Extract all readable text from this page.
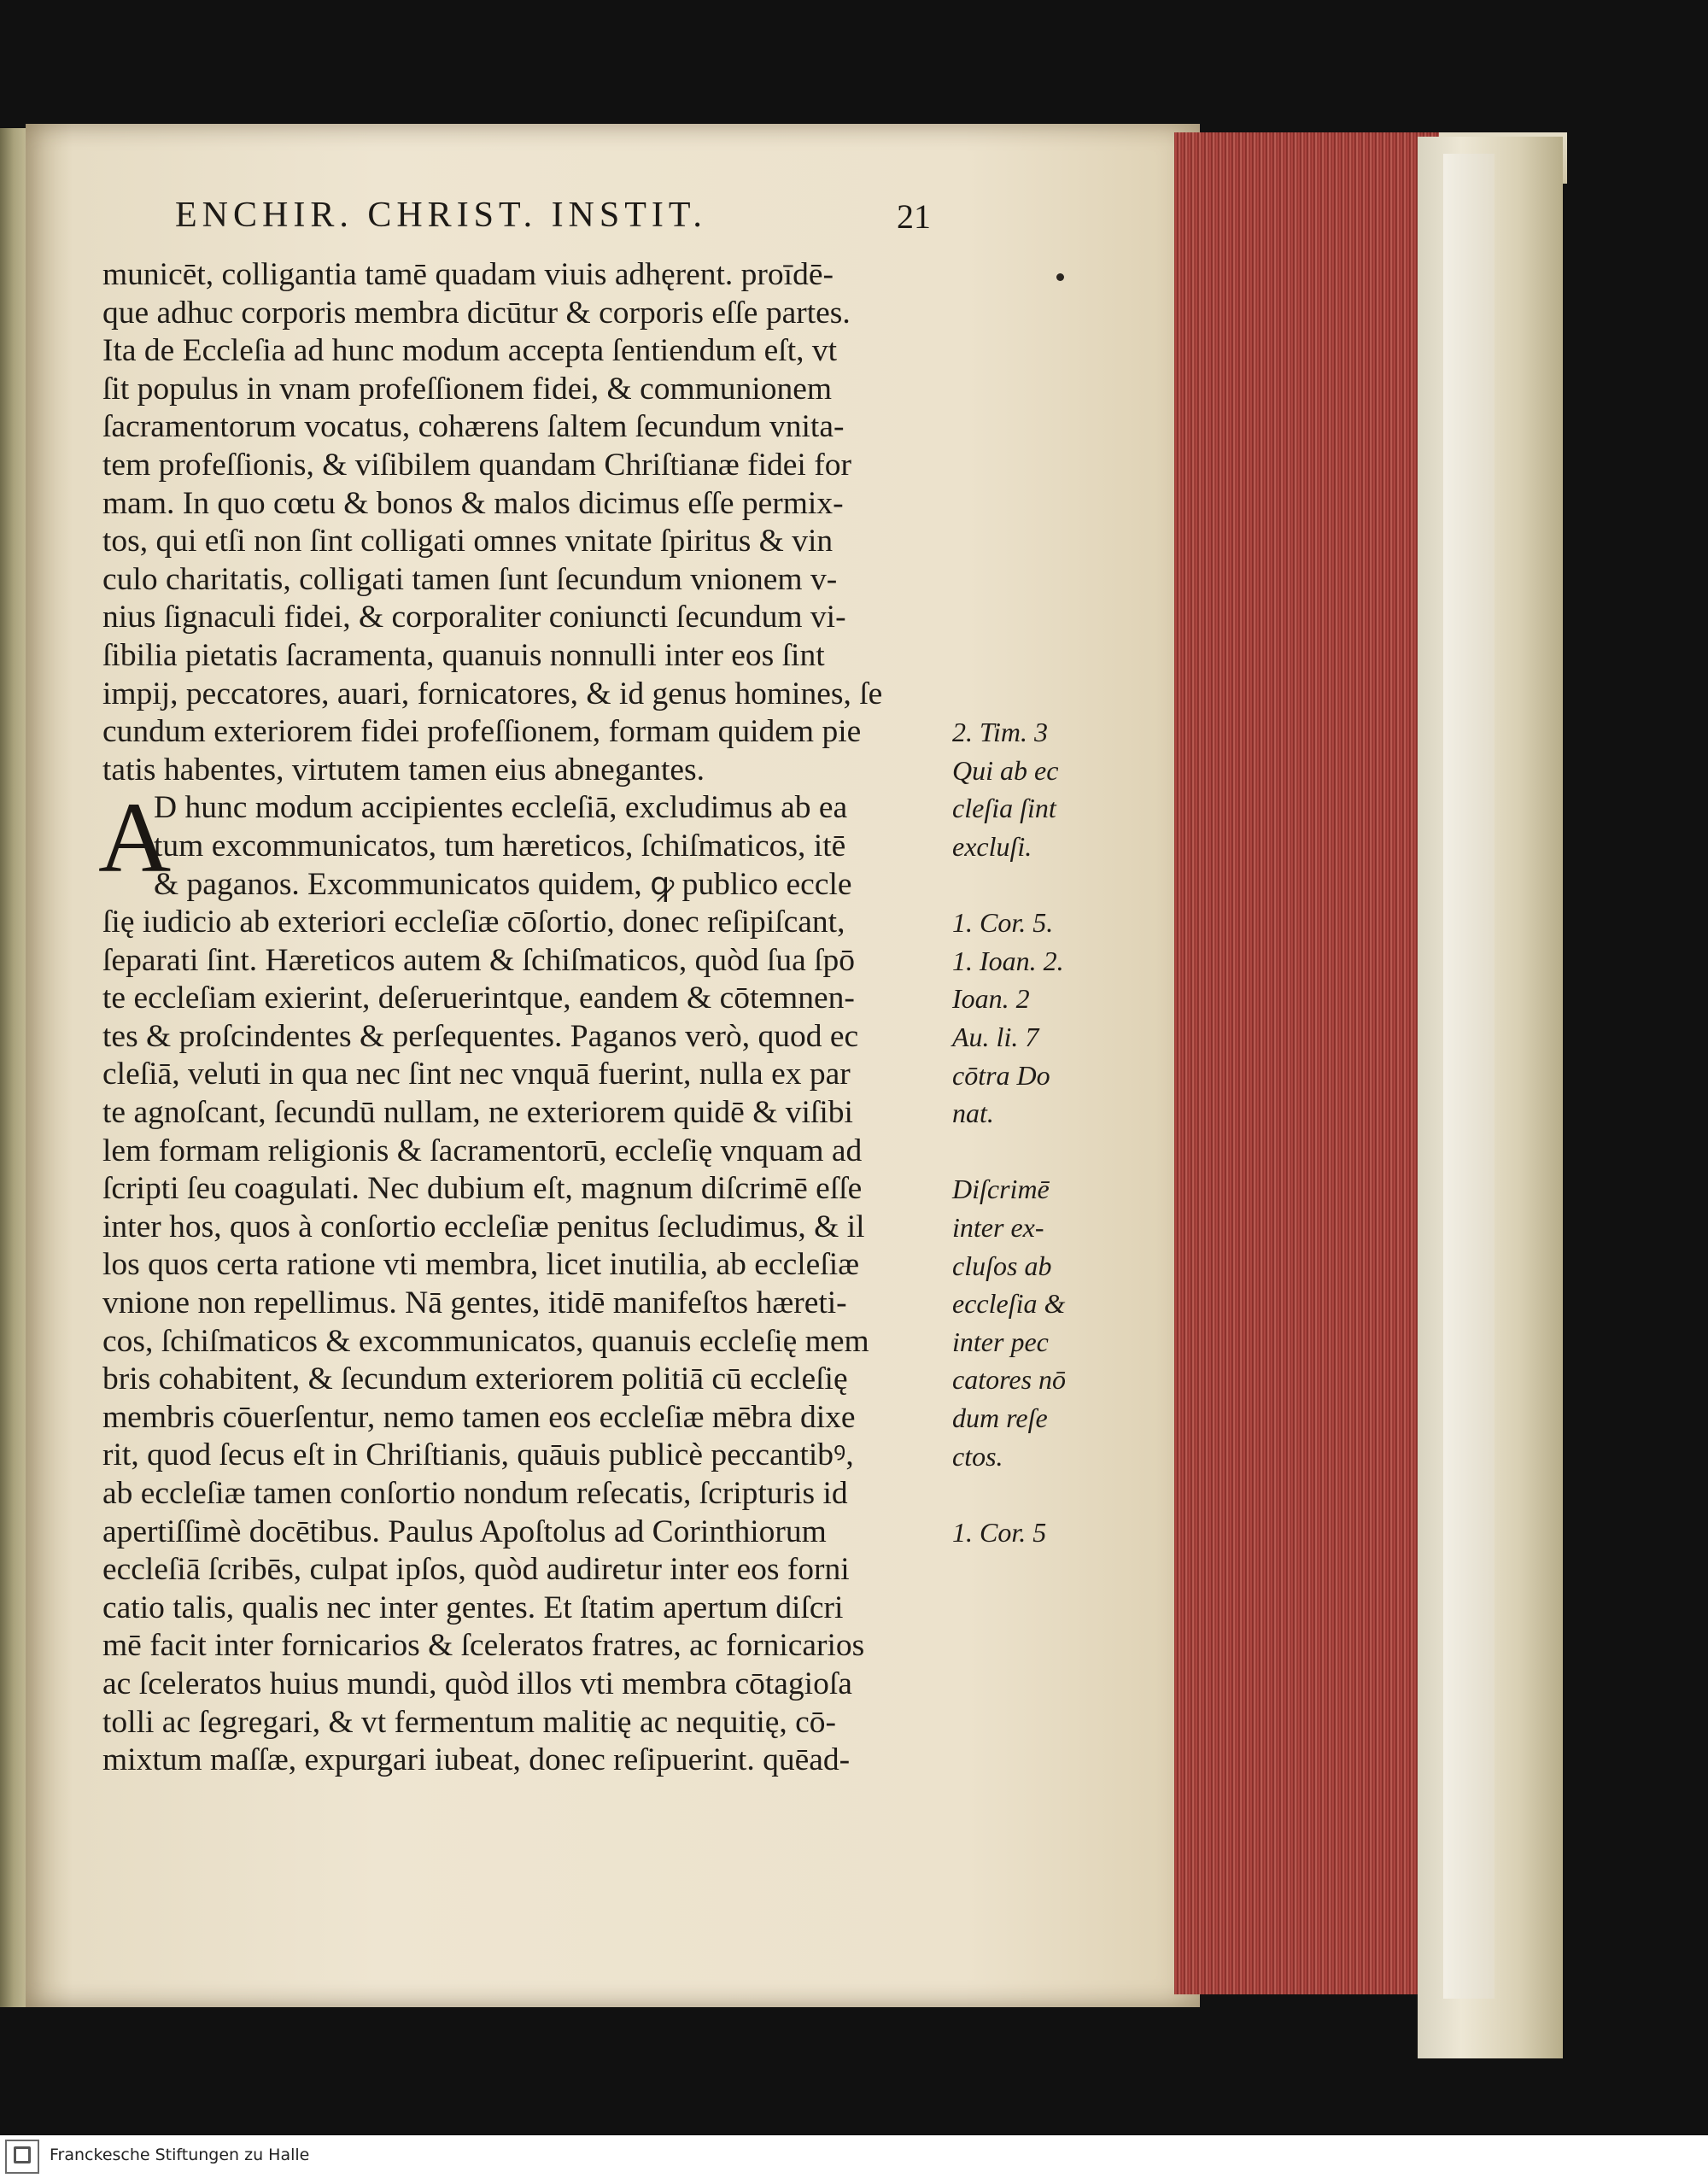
ENCHIR. CHRIST. INSTIT.	21
A
municēt, colligantia tamē quadam viuis adhęrent. proīdē-
que adhuc corporis membra dicūtur & corporis eſſe partes.
Ita de Eccleſia ad hunc modum accepta ſentiendum eſt, vt
ſit populus in vnam profeſſionem fidei, & communionem
ſacramentorum vocatus, cohærens ſaltem ſecundum vnita-
tem profeſſionis, & viſibilem quandam Chriſtianæ fidei for
mam. In quo cœtu & bonos & malos dicimus eſſe permix-
tos, qui etſi non ſint colligati omnes vnitate ſpiritus & vin
culo charitatis, colligati tamen ſunt ſecundum vnionem v-
nius ſignaculi fidei, & corporaliter coniuncti ſecundum vi-
ſibilia pietatis ſacramenta, quanuis nonnulli inter eos ſint
impij, peccatores, auari, fornicatores, & id genus homines, ſe
cundum exteriorem fidei profeſſionem, formam quidem pie
tatis habentes, virtutem tamen eius abnegantes.
D hunc modum accipientes eccleſiā, excludimus ab ea
tum excommunicatos, tum hæreticos, ſchiſmaticos, itē
& paganos. Excommunicatos quidem, ꝙ publico eccle
ſię iudicio ab exteriori eccleſiæ cōſortio, donec reſipiſcant,
ſeparati ſint. Hæreticos autem & ſchiſmaticos, quòd ſua ſpō
te eccleſiam exierint, deſeruerintque, eandem & cōtemnen-
tes & proſcindentes & perſequentes. Paganos verò, quod ec
cleſiā, veluti in qua nec ſint nec vnquā fuerint, nulla ex par
te agnoſcant, ſecundū nullam, ne exteriorem quidē & viſibi
lem formam religionis & ſacramentorū, eccleſię vnquam ad
ſcripti ſeu coagulati. Nec dubium eſt, magnum diſcrimē eſſe
inter hos, quos à conſortio eccleſiæ penitus ſecludimus, & il
los quos certa ratione vti membra, licet inutilia, ab eccleſiæ
vnione non repellimus. Nā gentes, itidē manifeſtos hæreti-
cos, ſchiſmaticos & excommunicatos, quanuis eccleſię mem
bris cohabitent, & ſecundum exteriorem politiā cū eccleſię
membris cōuerſentur, nemo tamen eos eccleſiæ mēbra dixe
rit, quod ſecus eſt in Chriſtianis, quāuis publicè peccantibꝰ,
ab eccleſiæ tamen conſortio nondum reſecatis, ſcripturis id
apertiſſimè docētibus. Paulus Apoſtolus ad Corinthiorum
eccleſiā ſcribēs, culpat ipſos, quòd audiretur inter eos forni
catio talis, qualis nec inter gentes. Et ſtatim apertum diſcri
mē facit inter fornicarios & ſceleratos fratres, ac fornicarios
ac ſceleratos huius mundi, quòd illos vti membra cōtagioſa
tolli ac ſegregari, & vt fermentum malitię ac nequitię, cō-
mixtum maſſæ, expurgari iubeat, donec reſipuerint. quēad-
2. Tim. 3
Qui ab ec
cleſia ſint
excluſi.
1. Cor. 5.
1. Ioan. 2.
Ioan. 2
Au. li. 7
cōtra Do
nat.
Diſcrimē
inter ex-
cluſos ab
eccleſia &
inter pec
catores nō
dum reſe
ctos.
1. Cor. 5
Franckesche Stiftungen zu Halle
